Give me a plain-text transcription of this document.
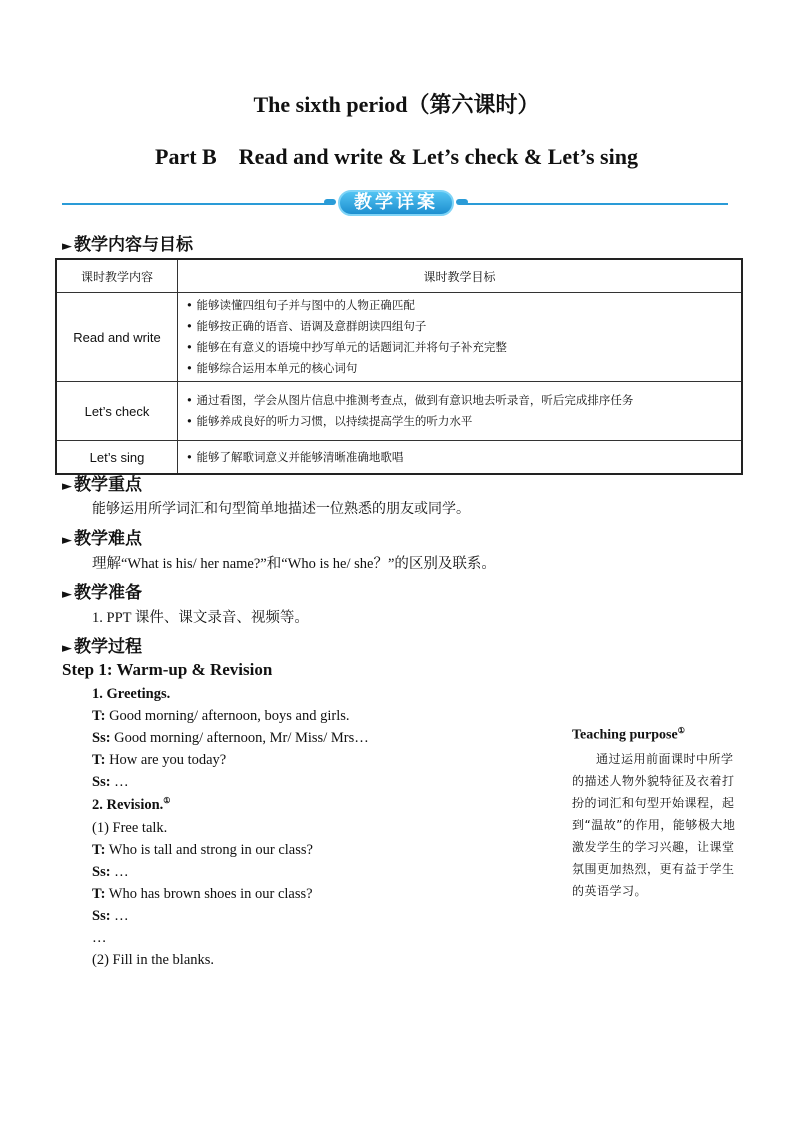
The sixth period（第六课时）
Part B　Read and write & Let’s check & Let’s sing
教学详案
► 教学内容与目标
课时教学内容	课时教学目标
Read and write	• 能够读懂四组句子并与图中的人物正确匹配
• 能够按正确的语音、语调及意群朗读四组句子
• 能够在有意义的语境中抄写单元的话题词汇并将句子补充完整
• 能够综合运用本单元的核心词句

Let’s check	• 通过看图，学会从图片信息中推测考查点，做到有意识地去听录音，听后完成排序任务
• 能够养成良好的听力习惯，以持续提高学生的听力水平

Let’s sing	• 能够了解歌词意义并能够清晰准确地歌唱
► 教学重点
能够运用所学词汇和句型简单地描述一位熟悉的朋友或同学。
► 教学难点
理解“What is his/ her name?”和“Who is he/ she？”的区别及联系。
► 教学准备
1. PPT 课件、课文录音、视频等。
► 教学过程
Step 1: Warm-up & Revision
1. Greetings.
T: Good morning/ afternoon, boys and girls.
Ss: Good morning/ afternoon, Mr/ Miss/ Mrs…
T: How are you today?
Ss: …
2. Revision.①
(1) Free talk.
T: Who is tall and strong in our class?
Ss: …
T: Who has brown shoes in our class?
Ss: …
…
(2) Fill in the blanks.
Teaching purpose①
通过运用前面课时中所学的描述人物外貌特征及衣着打扮的词汇和句型开始课程，起到“温故”的作用，能够极大地激发学生的学习兴趣，让课堂氛围更加热烈，更有益于学生的英语学习。
